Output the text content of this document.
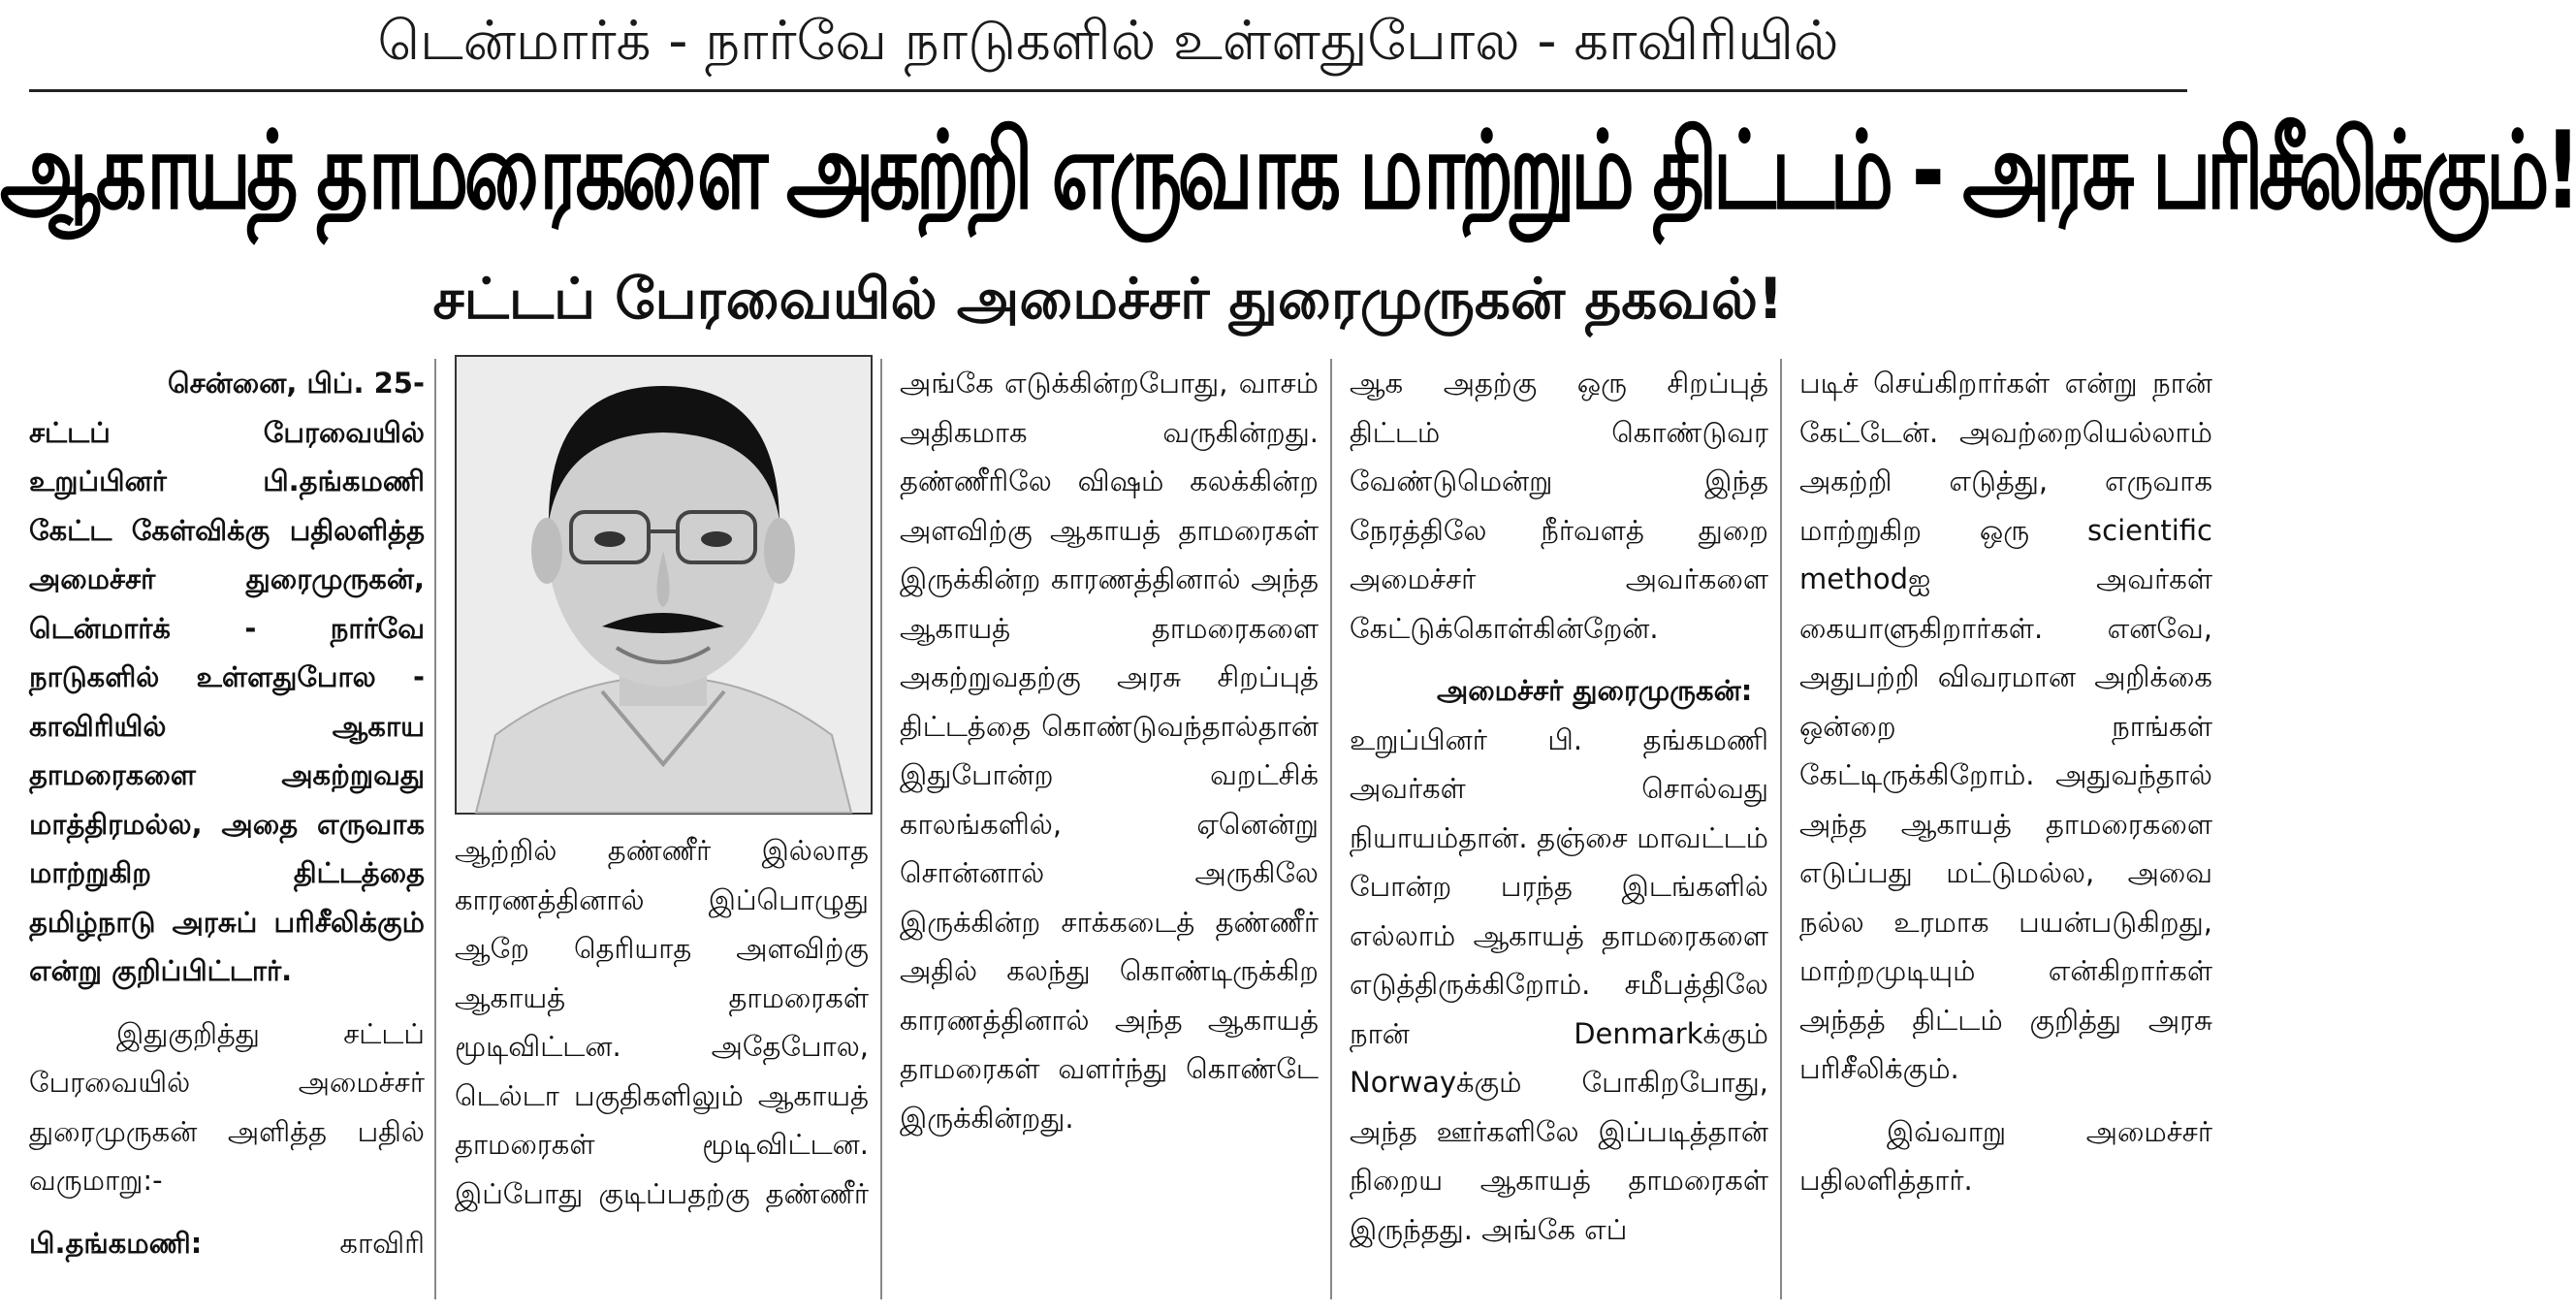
டென்மார்க் - நார்வே நாடுகளில் உள்ளதுபோல - காவிரியில்
ஆகாயத் தாமரைகளை அகற்றி எருவாக மாற்றும் திட்டம் - அரசு பரிசீலிக்கும்!
சட்டப் பேரவையில் அமைச்சர் துரைமுருகன் தகவல்!

சென்னை, பிப். 25-

சட்டப் பேரவையில் உறுப்பினர் பி.தங்கமணி கேட்ட கேள்விக்கு பதிலளித்த அமைச்சர் துரைமுருகன், டென்மார்க் - நார்வே நாடுகளில் உள்ளதுபோல - காவிரியில் ஆகாய தாமரைகளை அகற்றுவது மாத்திரமல்ல, அதை எருவாக மாற்றுகிற திட்டத்தை தமிழ்நாடு அரசுப் பரிசீலிக்கும் என்று குறிப்பிட்டார்.

இதுகுறித்து சட்டப் பேரவையில் அமைச்சர் துரைமுருகன் அளித்த பதில் வருமாறு:-

பி.தங்கமணி:	காவிரி

ஆற்றில் தண்ணீர் இல்லாத காரணத்தினால் இப்பொழுது ஆறே தெரியாத அளவிற்கு ஆகாயத் தாமரைகள் மூடிவிட்டன. அதேபோல, டெல்டா பகுதிகளிலும் ஆகாயத் தாமரைகள் மூடிவிட்டன. இப்போது குடிப்பதற்கு தண்ணீர்

அங்கே எடுக்கின்றபோது, வாசம் அதிகமாக வருகின்றது. தண்ணீரிலே விஷம் கலக்கின்ற அளவிற்கு ஆகாயத் தாமரைகள் இருக்கின்ற காரணத்தினால் அந்த ஆகாயத் தாமரைகளை அகற்றுவதற்கு அரசு சிறப்புத் திட்டத்தை கொண்டுவந்தால்தான் இதுபோன்ற வறட்சிக் காலங்களில், ஏனென்று சொன்னால் அருகிலே இருக்கின்ற சாக்கடைத் தண்ணீர் அதில் கலந்து கொண்டிருக்கிற காரணத்தினால் அந்த ஆகாயத் தாமரைகள் வளர்ந்து கொண்டே இருக்கின்றது.

ஆக அதற்கு ஒரு சிறப்புத் திட்டம் கொண்டுவர வேண்டுமென்று இந்த நேரத்திலே நீர்வளத் துறை அமைச்சர் அவர்களை கேட்டுக்கொள்கின்றேன்.

அமைச்சர் துரைமுருகன்:

உறுப்பினர் பி. தங்கமணி அவர்கள் சொல்வது நியாயம்தான். தஞ்சை மாவட்டம் போன்ற பரந்த இடங்களில் எல்லாம் ஆகாயத் தாமரைகளை எடுத்திருக்கிறோம். சமீபத்திலே நான் Denmarkக்கும் Norwayக்கும் போகிறபோது, அந்த ஊர்களிலே இப்படித்தான் நிறைய ஆகாயத் தாமரைகள் இருந்தது. அங்கே எப்

படிச் செய்கிறார்கள் என்று நான் கேட்டேன். அவற்றையெல்லாம் அகற்றி எடுத்து, எருவாக மாற்றுகிற ஒரு scientific methodஐ அவர்கள் கையாளுகிறார்கள். எனவே, அதுபற்றி விவரமான அறிக்கை ஒன்றை நாங்கள் கேட்டிருக்கிறோம். அதுவந்தால் அந்த ஆகாயத் தாமரைகளை எடுப்பது மட்டுமல்ல, அவை நல்ல உரமாக பயன்படுகிறது, மாற்றமுடியும் என்கிறார்கள் அந்தத் திட்டம் குறித்து அரசு பரிசீலிக்கும்.

இவ்வாறு அமைச்சர் பதிலளித்தார்.
